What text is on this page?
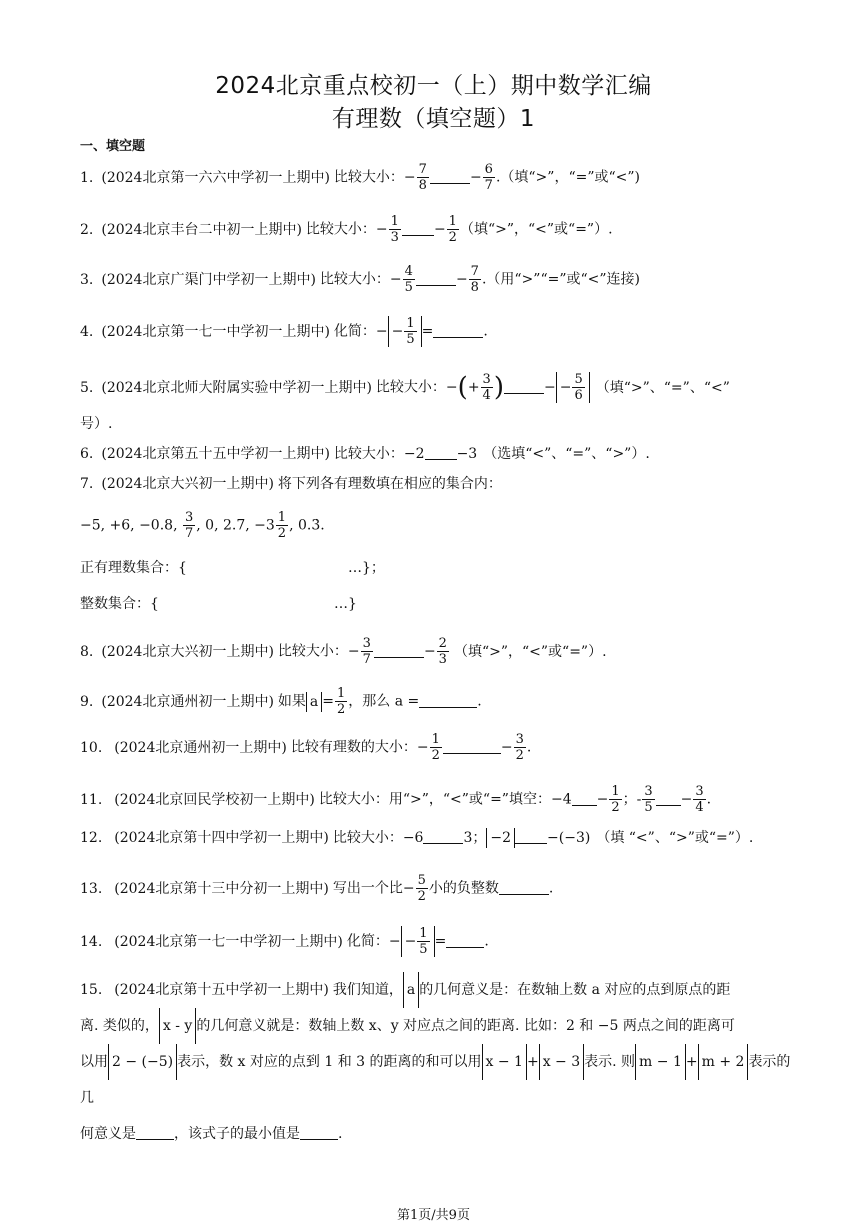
2024北京重点校初一（上）期中数学汇编
有理数（填空题）1
一、填空题
1. (2024北京第一六六中学初一上期中) 比较大小：− $\frac{7}{8}$	− $\frac{6}{7}$ .（填“>”，“=”或“<”)
2. (2024北京丰台二中初一上期中) 比较大小：− $\frac{1}{3} - \frac{1}{2}$ （填“>”，“<”或“=”）.
3. (2024北京广渠门中学初一上期中) 比较大小：− $\frac{4}{5}$	− $\frac{7}{8}$ .（用“>”“=”或“<”连接)
4. (2024北京第一七一中学初一上期中) 化简：− − $\frac{1}{5}$ =	.
5. (2024北京北师大附属实验中学初一上期中) 比较大小：−(+ $\frac{3}{4}$ )	− − $\frac{5}{6}$ （填“>”、“=”、“<”
号）.
6. (2024北京第五十五中学初一上期中) 比较大小：−2 −3 （选填“<”、“=”、“>”）.
7. (2024北京大兴初一上期中) 将下列各有理数填在相应的集合内：
−5, +6, −0.8, $\frac{3}{7}$ , 0, 2.7, $-3 \frac{1}{2}$ , 0.3̇.
正有理数集合：{	…}；
整数集合：{	…}
8. (2024北京大兴初一上期中) 比较大小：− $\frac{3}{7}$	− $\frac{2}{3}$ （填“>”，“<”或“=”）.
9. (2024北京通州初一上期中) 如果 $a = \frac{1}{2}$ ，那么 a =	.
10. (2024北京通州初一上期中) 比较有理数的大小：− $\frac{1}{2}$	− $\frac{3}{2}$ .
11. (2024北京回民学校初一上期中) 比较大小：用“>”，“<”或“=”填空：$-4 - \frac{1}{2}$ ；- $\frac{3}{5} - \frac{3}{4}$ .
12. (2024北京第十四中学初一上期中) 比较大小：−6	3； −2	−(−3) （填 “<”、“>”或“=”）.
13. (2024北京第十三中分初一上期中) 写出一个比− $\frac{5}{2}$ 小的负整数	.
14. (2024北京第一七一中学初一上期中) 化简：− − $\frac{1}{5}$ =	.
15. (2024北京第十五中学初一上期中) 我们知道， a 的几何意义是：在数轴上数 a 对应的点到原点的距
离. 类似的， x - y 的几何意义就是：数轴上数 x、y 对应点之间的距离. 比如：2 和 −5 两点之间的距离可
以用 2 − (−5) 表示，数 x 对应的点到 1 和 3 的距离的和可以用 x − 1 + x − 3 表示. 则 m − 1 + m + 2 表示的几
何意义是	，该式子的最小值是	.
第1页/共9页
